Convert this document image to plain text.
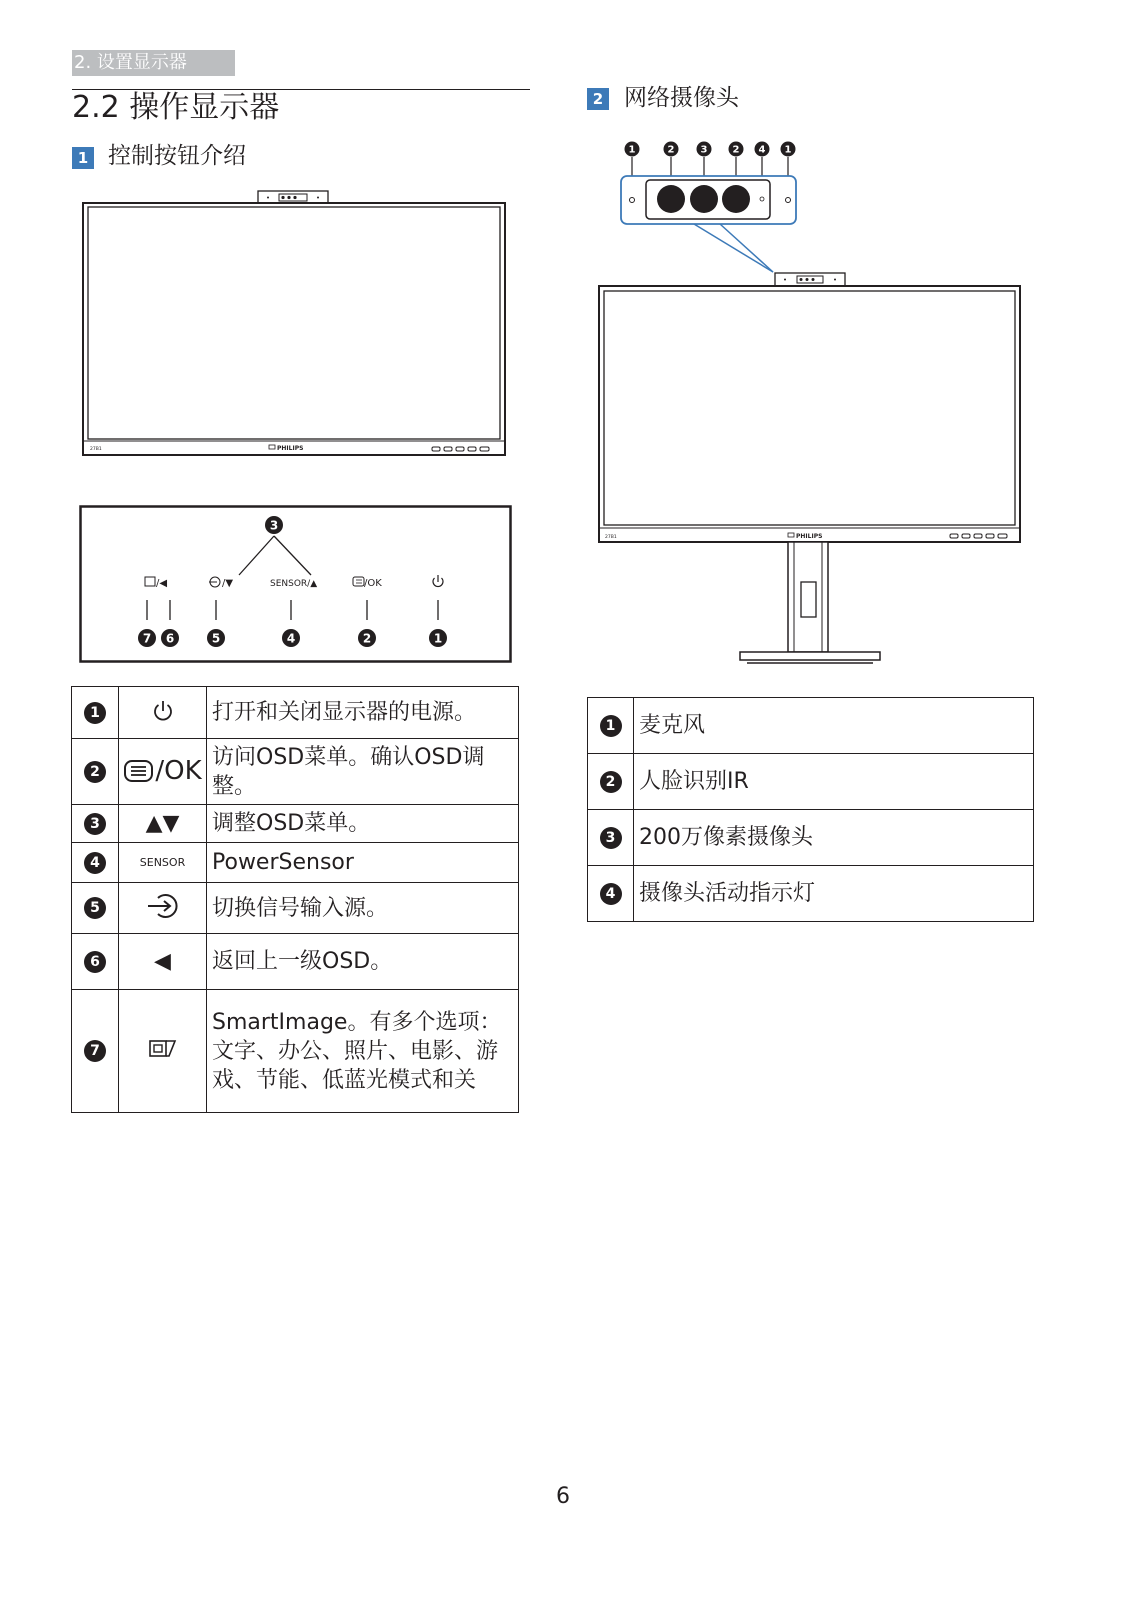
2. 设置显示器
2.2 操作显示器
1 控制按钮介绍
2 网络摄像头
27B1	PHILIPS
3
/◀	/▼	SENSOR/▲	/OK
7 6	5	4	2	1
1		打开和关闭显示器的电源。
2	/OK	访问OSD菜单。确认OSD调整。
3	▲▼	调整OSD菜单。
4	SENSOR	PowerSensor
5		切换信号输入源。
6	◀	返回上一级OSD。
7		SmartImage。有多个选项：文字、办公、照片、电影、游戏、节能、低蓝光模式和关
1	2	3	2 4 1
27B1	PHILIPS
1	麦克风
2	人脸识别IR
3	200万像素摄像头
4	摄像头活动指示灯
6
